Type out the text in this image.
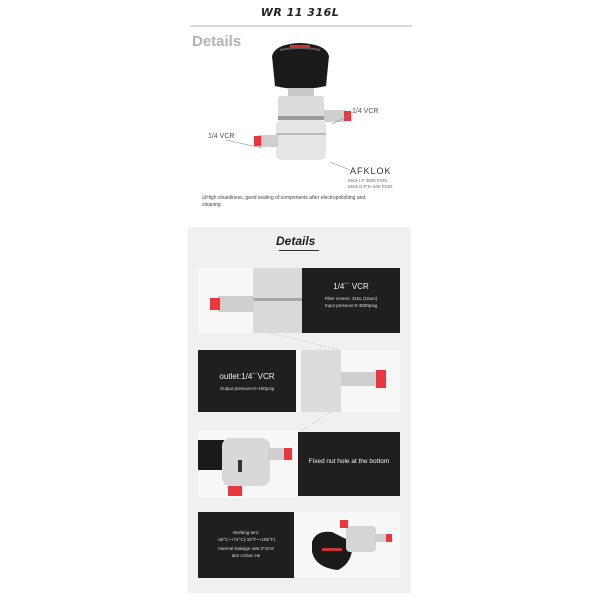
WR 11 316L
Details
1/4 VCR
1/4 VCR
AFKLOK
MAX.I.P 3500 PSIG
MAX.O.P 0~100 PSIG
⊟High cleanliness, good sealing of components after electropolishing and cleaning
Details
1/4´´ VCR
Filter screen: 316L (10um)
Input pressure:0-3500psig
outlet:1/4´´VCR
Output pressure:0~100psig
Fixed nut hole at the bottom
Working tem:
-26°C~+74°C(-15°F~+165°F)
Internal leakage rate:2*10-8
atm cc/sec He
